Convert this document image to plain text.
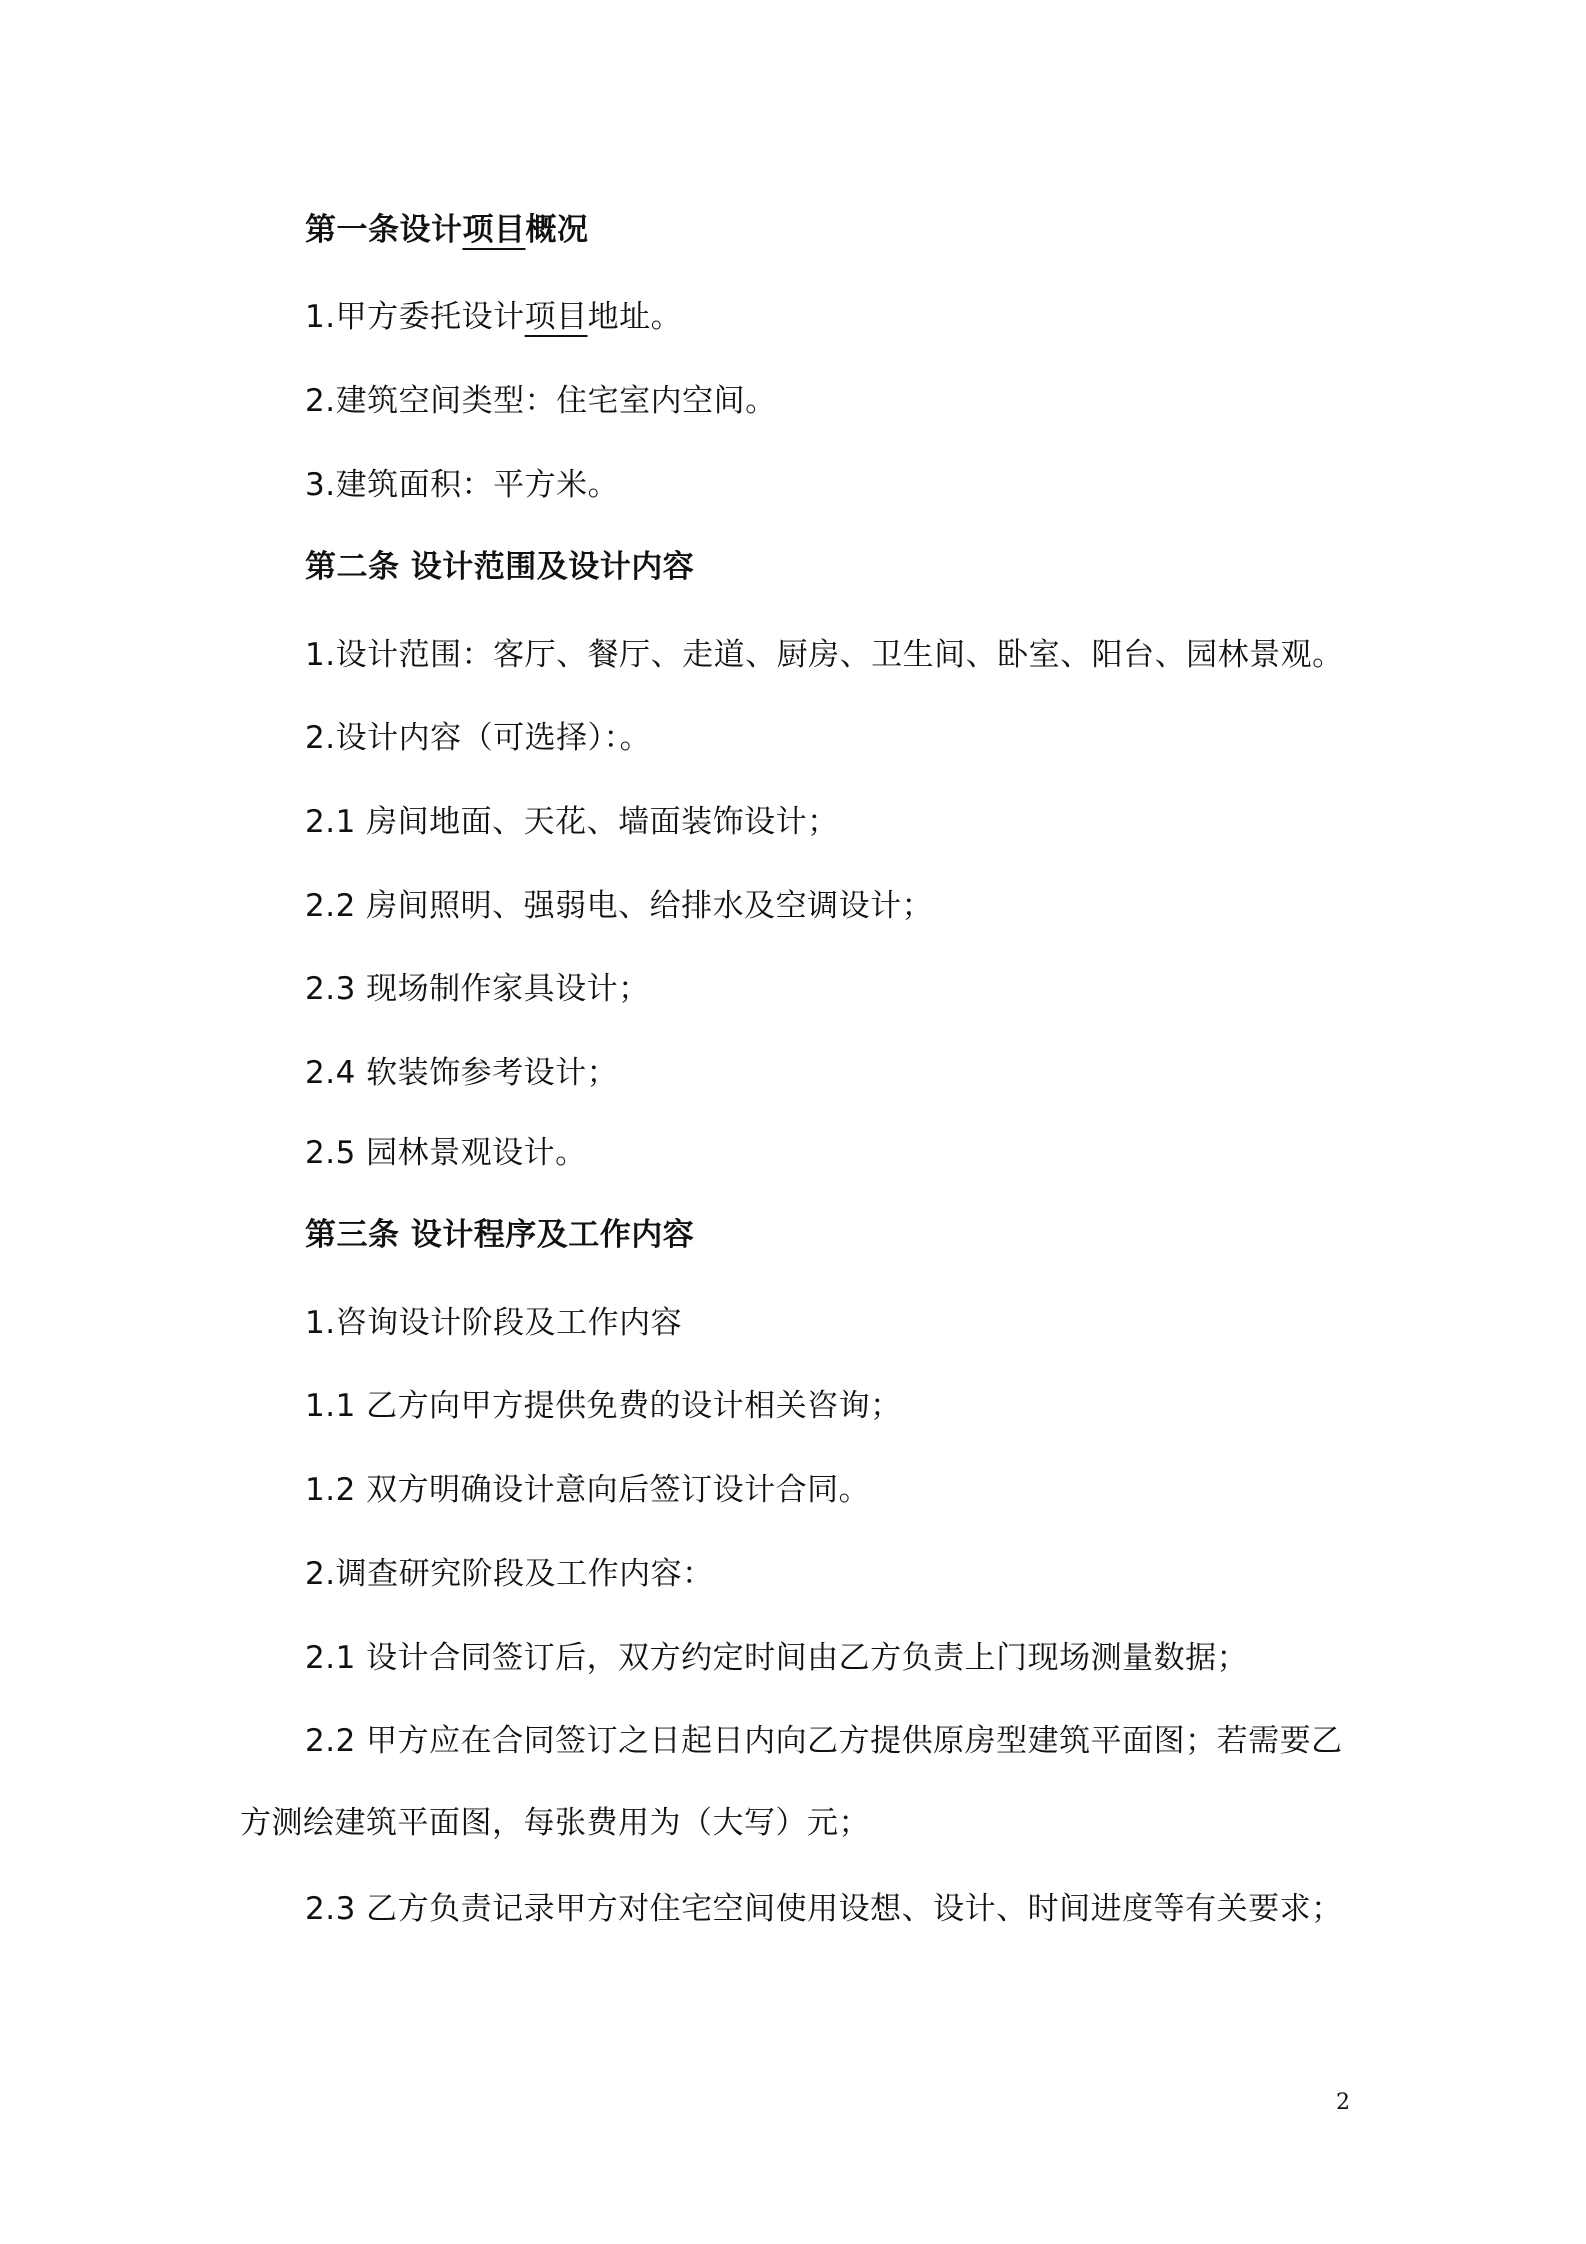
第一条设计项目概况
1.甲方委托设计项目地址。
2.建筑空间类型：住宅室内空间。
3.建筑面积：平方米。
第二条 设计范围及设计内容
1.设计范围：客厅、餐厅、走道、厨房、卫生间、卧室、阳台、园林景观。
2.设计内容（可选择）：。
2.1 房间地面、天花、墙面装饰设计；
2.2 房间照明、强弱电、给排水及空调设计；
2.3 现场制作家具设计；
2.4 软装饰参考设计；
2.5 园林景观设计。
第三条 设计程序及工作内容
1.咨询设计阶段及工作内容
1.1 乙方向甲方提供免费的设计相关咨询；
1.2 双方明确设计意向后签订设计合同。
2.调查研究阶段及工作内容：
2.1 设计合同签订后，双方约定时间由乙方负责上门现场测量数据；
2.2 甲方应在合同签订之日起日内向乙方提供原房型建筑平面图；若需要乙
方测绘建筑平面图，每张费用为（大写）元；
2.3 乙方负责记录甲方对住宅空间使用设想、设计、时间进度等有关要求；
2
